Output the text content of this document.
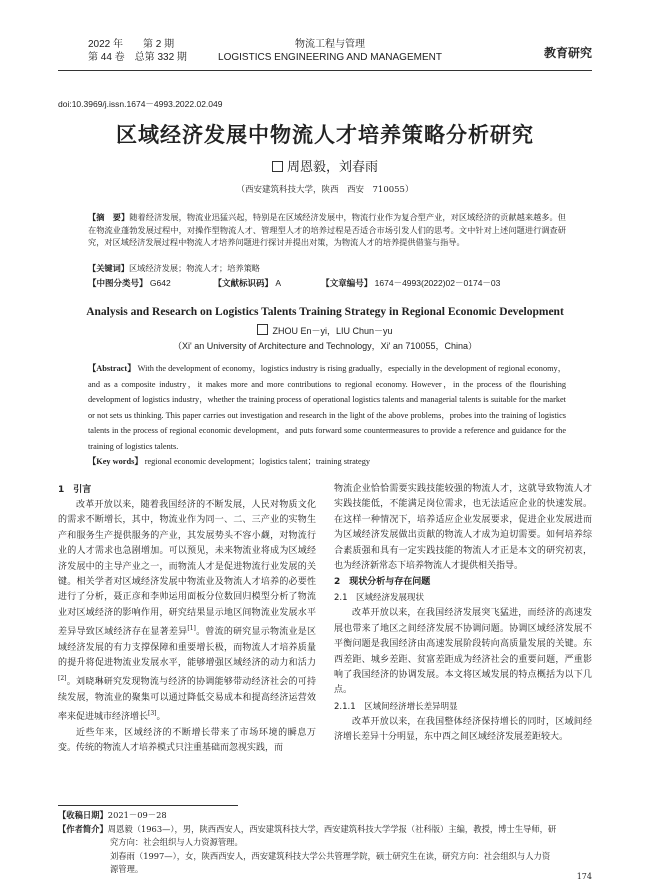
2022 年　　第 2 期
第 44 卷　总第 332 期
物流工程与管理
LOGISTICS ENGINEERING AND MANAGEMENT	教育研究
doi:10.3969/j.issn.1674－4993.2022.02.049
区域经济发展中物流人才培养策略分析研究
周恩毅，刘春雨
（西安建筑科技大学，陕西　西安　710055）
【摘　要】随着经济发展，物流业迅猛兴起，特别是在区域经济发展中，物流行业作为复合型产业，对区域经济的贡献越来越多。但在物流业蓬勃发展过程中，对操作型物流人才、管理型人才的培养过程是否适合市场引发人们的思考。文中针对上述问题进行调查研究，对区域经济发展过程中物流人才培养问题进行探讨并提出对策，为物流人才的培养提供借鉴与指导。
【关键词】区域经济发展；物流人才；培养策略
【中图分类号】 G642	【文献标识码】 A	【文章编号】 1674－4993(2022)02－0174－03
Analysis and Research on Logistics Talents Training Strategy in Regional Economic Development
ZHOU En－yi，LIU Chun－yu
（Xi' an University of Architecture and Technology，Xi' an 710055，China）
【Abstract】 With the development of economy，logistics industry is rising gradually，especially in the development of regional economy，and as a composite industry，it makes more and more contributions to regional economy. However，in the process of the flourishing development of logistics industry，whether the training process of operational logistics talents and managerial talents is suitable for the market or not sets us thinking. This paper carries out investigation and research in the light of the above problems，probes into the training of logistics talents in the process of regional economic development，and puts forward some countermeasures to provide a reference and guidance for the training of logistics talents.
【Key words】 regional economic development；logistics talent；training strategy
1　引言

改革开放以来，随着我国经济的不断发展，人民对物质文化的需求不断增长，其中，物流业作为同一、二、三产业的实物生产和服务生产提供服务的产业，其发展势头不容小觑，对物流行业的人才需求也急剧增加。可以预见，未来物流业将成为区域经济发展中的主导产业之一，而物流人才是促进物流行业发展的关键。相关学者对区域经济发展中物流业及物流人才培养的必要性进行了分析，聂正彦和李帅运用面板分位数回归模型分析了物流业对区域经济的影响作用，研究结果显示地区间物流业发展水平差异导致区域经济存在显著差异[1]。曾流的研究显示物流业是区域经济发展的有力支撑保障和重要增长极，而物流人才培养质量的提升将促进物流业发展水平，能够增强区域经济的动力和活力[2]。刘晓琳研究发现物流与经济的协调能够带动经济社会的可持续发展，物流业的聚集可以通过降低交易成本和提高经济运营效率来促进城市经济增长[3]。

近些年来，区域经济的不断增长带来了市场环境的瞬息万变。传统的物流人才培养模式只注重基础而忽视实践，而

物流企业恰恰需要实践技能较强的物流人才，这就导致物流人才实践技能低，不能满足岗位需求，也无法适应企业的快速发展。在这样一种情况下，培养适应企业发展要求，促进企业发展进而为区域经济发展做出贡献的物流人才成为迫切需要。如何培养综合素质强和具有一定实践技能的物流人才正是本文的研究初衷，也为经济新常态下培养物流人才提供相关指导。

2　现状分析与存在问题
2.1　区域经济发展现状

改革开放以来，在我国经济发展突飞猛进，而经济的高速发展也带来了地区之间经济发展不协调问题。协调区域经济发展不平衡问题是我国经济由高速发展阶段转向高质量发展的关键。东西差距、城乡差距、贫富差距成为经济社会的重要问题，严重影响了我国经济的协调发展。本文将区域发展的特点概括为以下几点。

2.1.1　区域间经济增长差异明显

改革开放以来，在我国整体经济保持增长的同时，区域间经济增长差异十分明显，东中西之间区域经济发展差距较大。

【收稿日期】2021－09－28
【作者简介】周恩毅（1963—），男，陕西西安人，西安建筑科技大学，西安建筑科技大学学报（社科版）主编，教授，博士生导师，研
究方向：社会组织与人力资源管理。
刘春雨（1997—），女，陕西西安人，西安建筑科技大学公共管理学院，硕士研究生在读，研究方向：社会组织与人力资
源管理。
174
